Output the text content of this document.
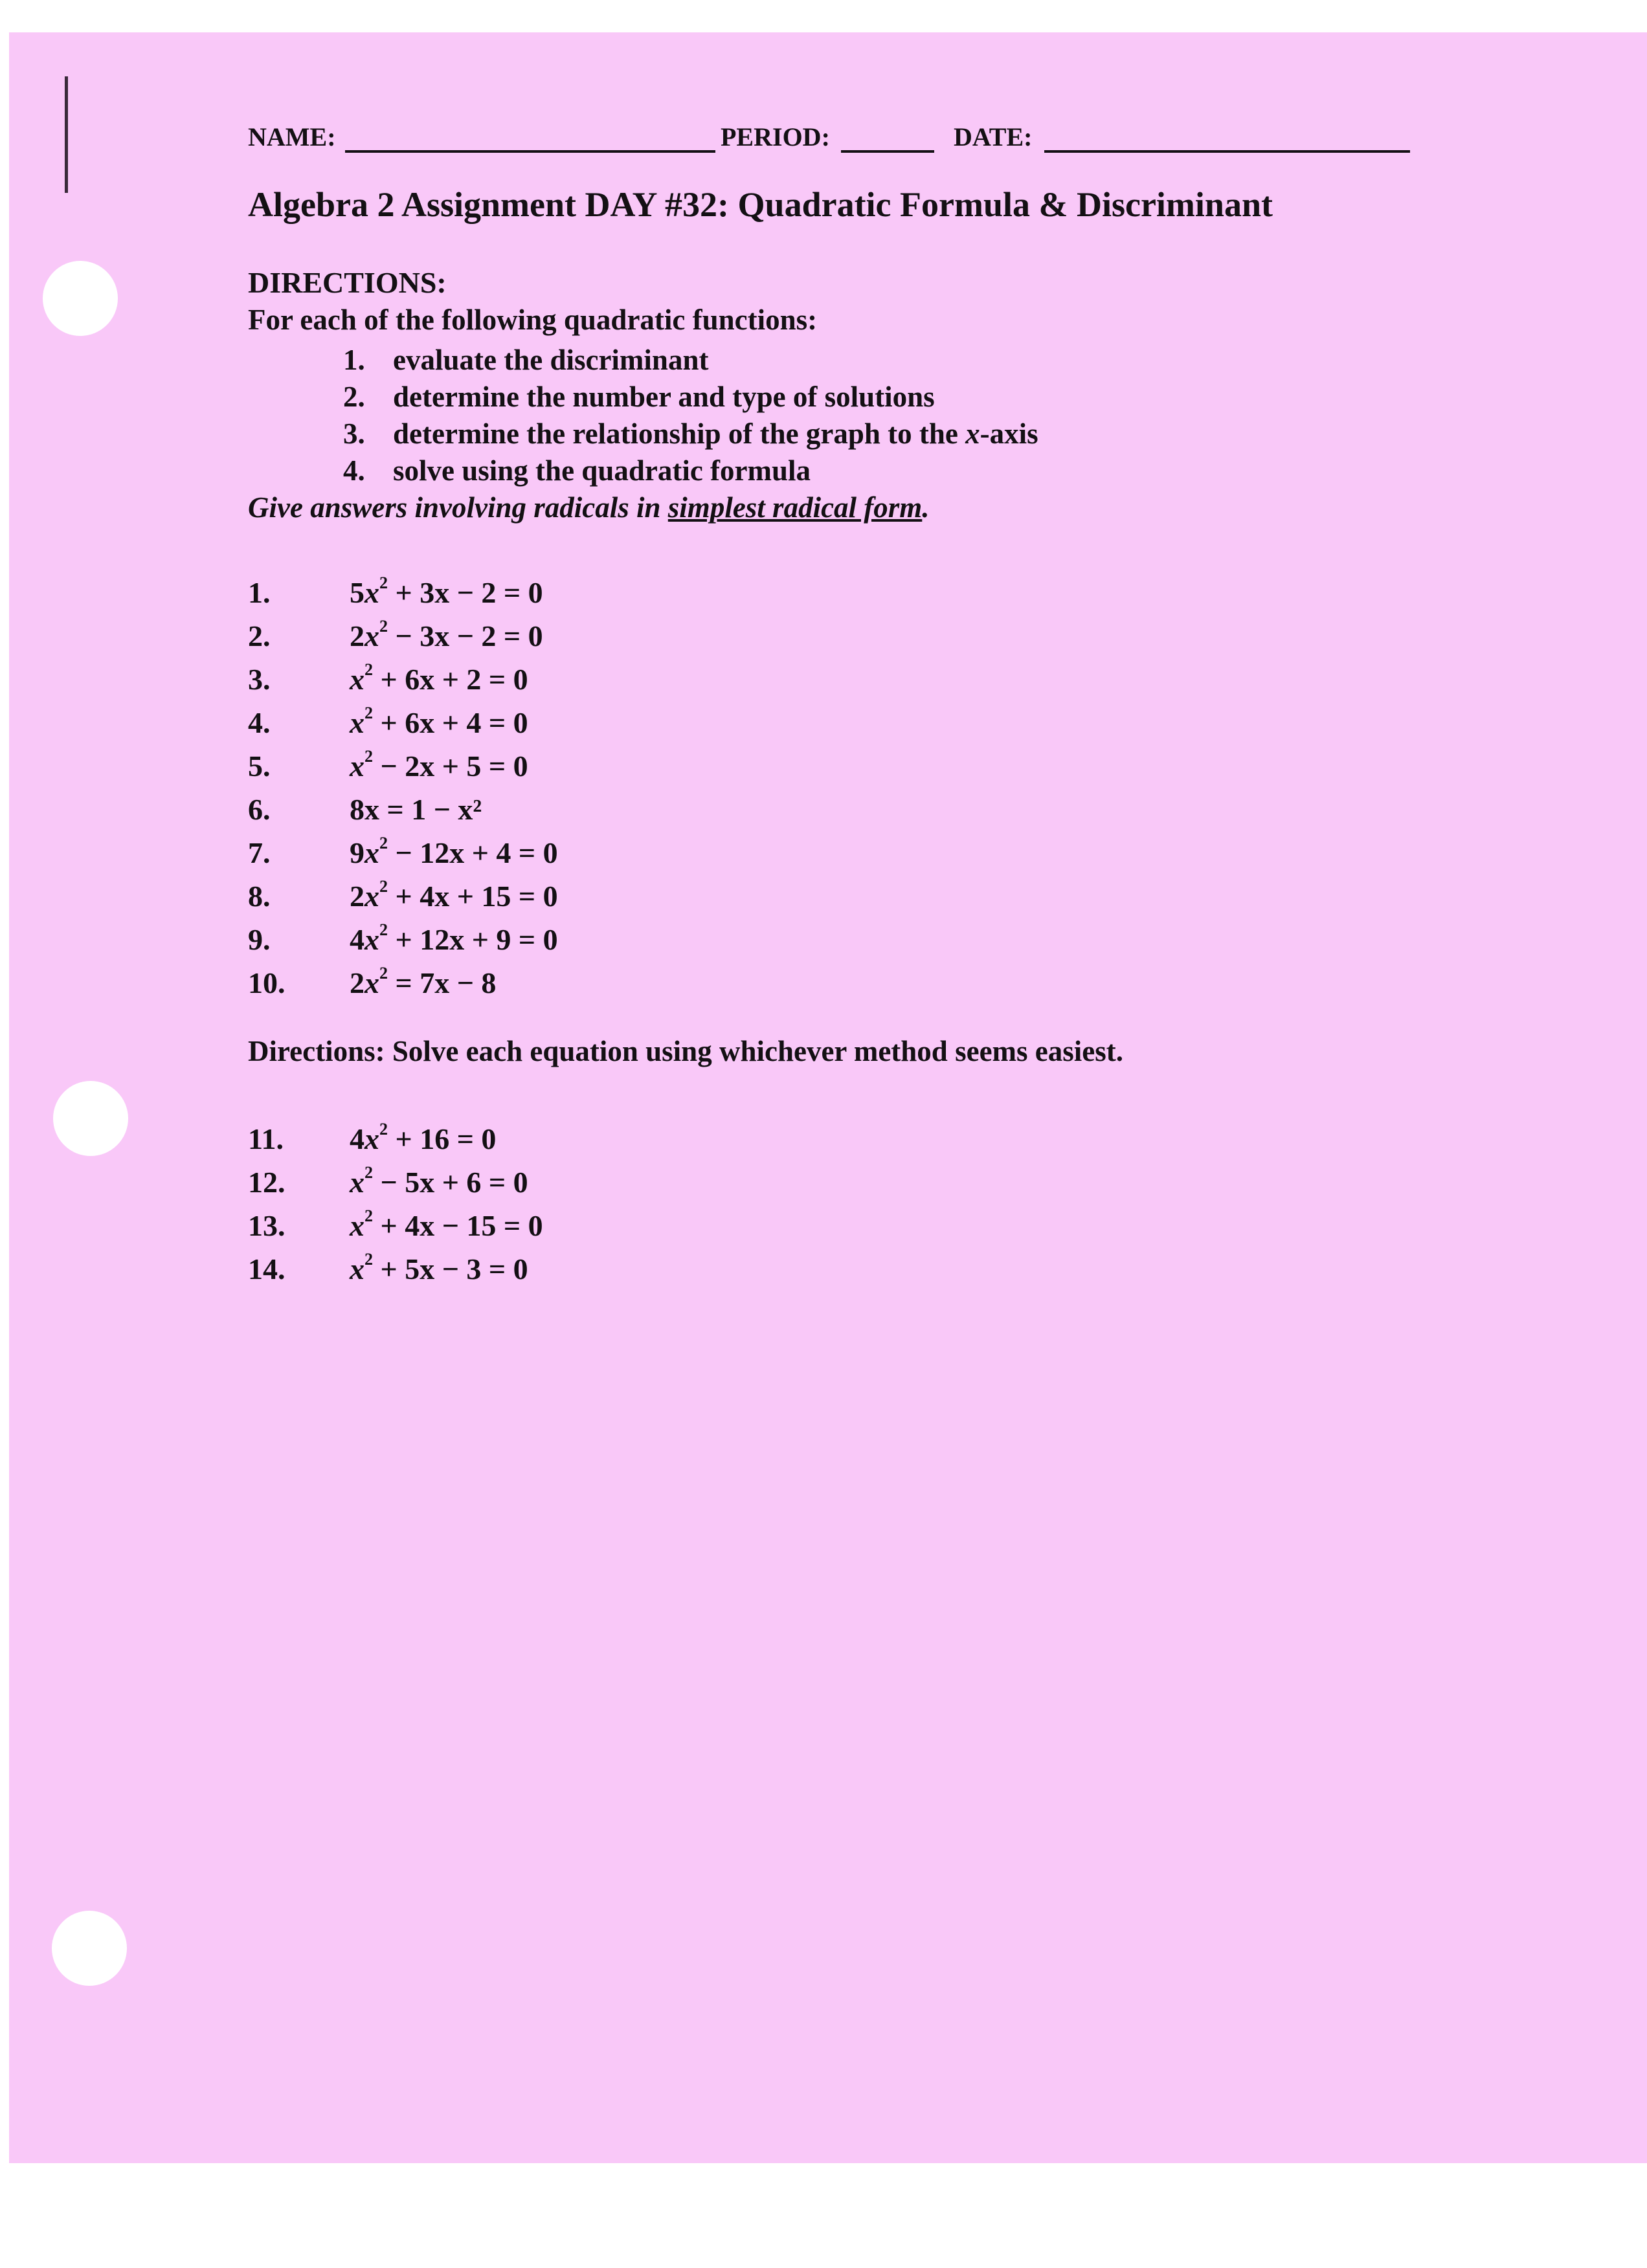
NAME:	PERIOD:	DATE:
Algebra 2 Assignment DAY #32: Quadratic Formula & Discriminant
DIRECTIONS:
For each of the following quadratic functions:
1. evaluate the discriminant
2. determine the number and type of solutions
3. determine the relationship of the graph to the x-axis
4. solve using the quadratic formula
Give answers involving radicals in simplest radical form.
1.	$5x^2 + 3x - 2 = 0$
2.	$2x^2 - 3x - 2 = 0$
3.	$x^2 + 6x + 2 = 0$
4.	$x^2 + 6x + 4 = 0$
5.	$x^2 - 2x + 5 = 0$
6.	8x = 1 − x²
7.	$9x^2 - 12x + 4 = 0$
8.	$2x^2 + 4x + 15 = 0$
9.	$4x^2 + 12x + 9 = 0$
10. $2x^2 = 7x - 8$
Directions: Solve each equation using whichever method seems easiest.
11. $4x^2 + 16 = 0$
12. $x^2 - 5x + 6 = 0$
13. $x^2 + 4x - 15 = 0$
14. $x^2 + 5x - 3 = 0$
